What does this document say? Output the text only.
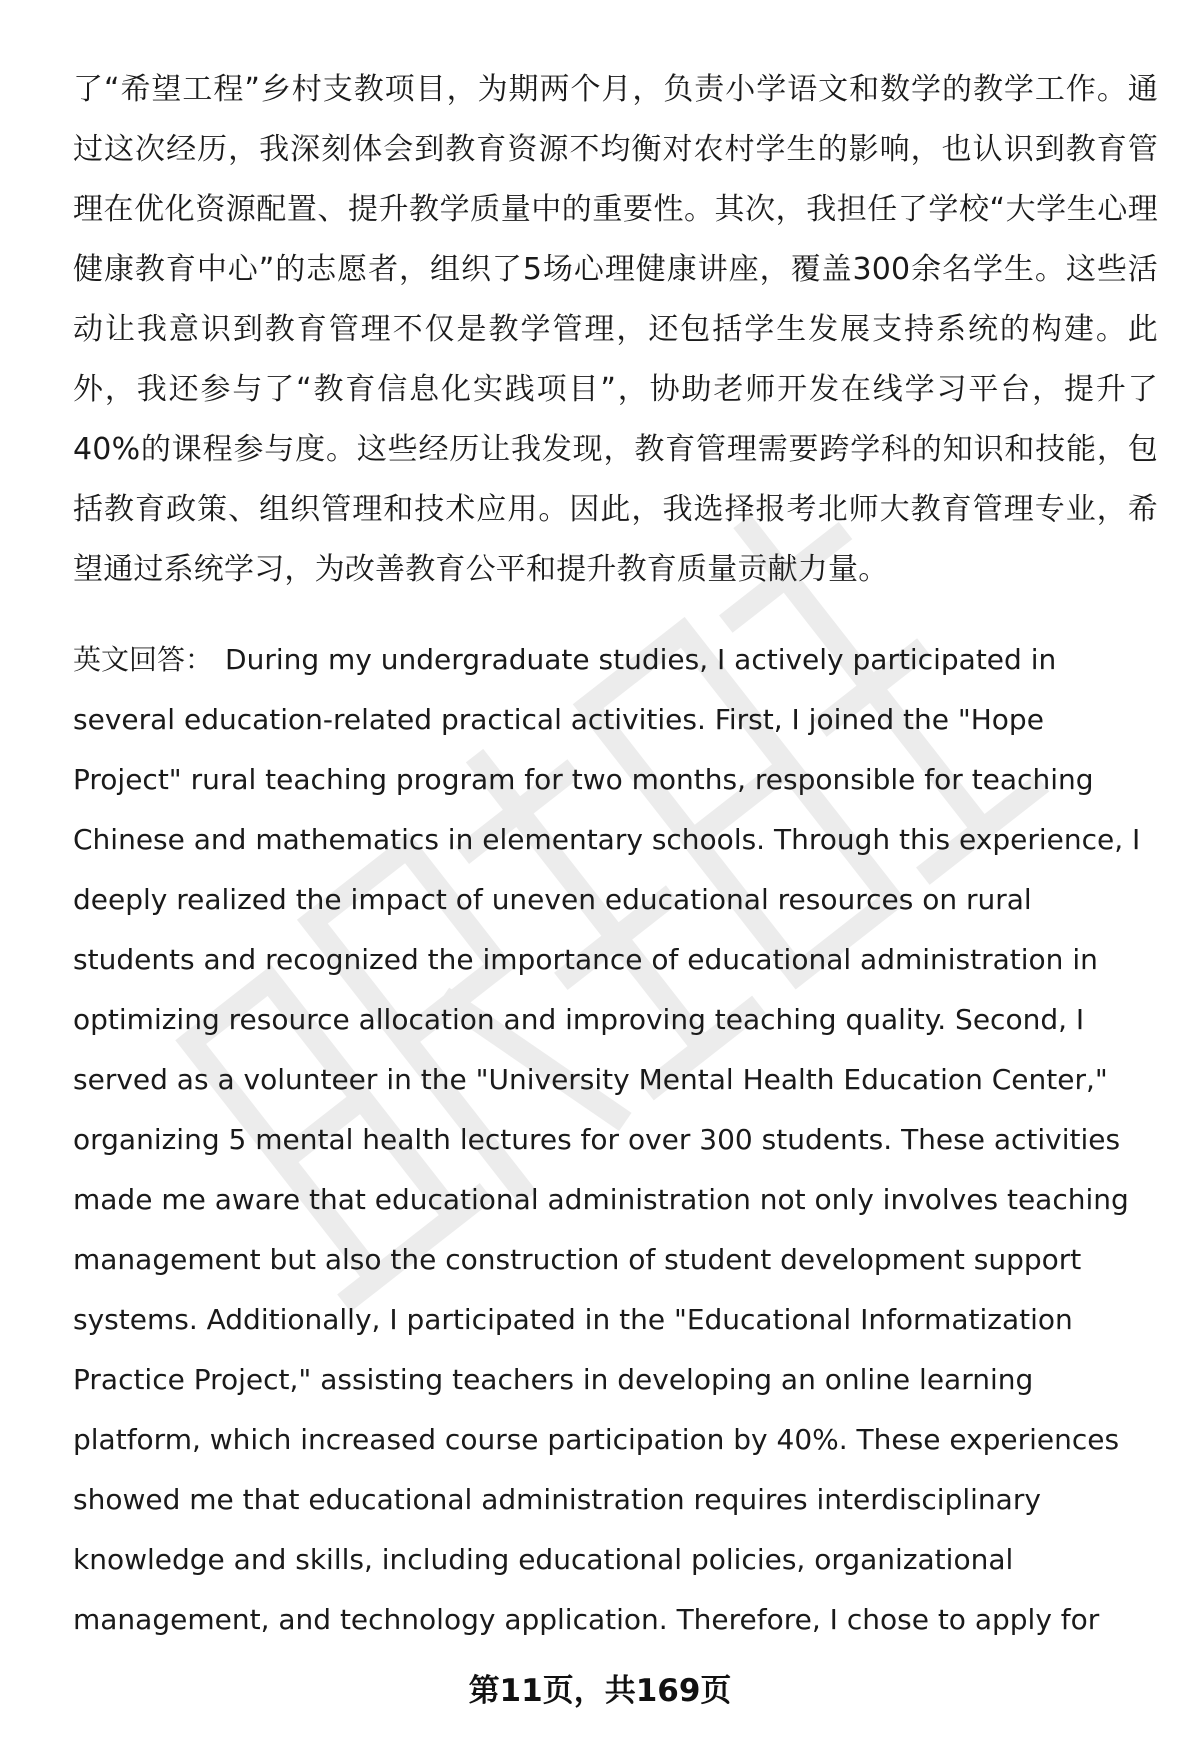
了“希望工程”乡村支教项目，为期两个月，负责小学语文和数学的教学工作。通过这次经历，我深刻体会到教育资源不均衡对农村学生的影响，也认识到教育管理在优化资源配置、提升教学质量中的重要性。其次，我担任了学校“大学生心理健康教育中心”的志愿者，组织了5场心理健康讲座，覆盖300余名学生。这些活动让我意识到教育管理不仅是教学管理，还包括学生发展支持系统的构建。此外，我还参与了“教育信息化实践项目”，协助老师开发在线学习平台，提升了40%的课程参与度。这些经历让我发现，教育管理需要跨学科的知识和技能，包括教育政策、组织管理和技术应用。因此，我选择报考北师大教育管理专业，希望通过系统学习，为改善教育公平和提升教育质量贡献力量。

英文回答： During my undergraduate studies, I actively participated in several education-related practical activities. First, I joined the "Hope Project" rural teaching program for two months, responsible for teaching Chinese and mathematics in elementary schools. Through this experience, I deeply realized the impact of uneven educational resources on rural students and recognized the importance of educational administration in optimizing resource allocation and improving teaching quality. Second, I served as a volunteer in the "University Mental Health Education Center," organizing 5 mental health lectures for over 300 students. These activities made me aware that educational administration not only involves teaching management but also the construction of student development support systems. Additionally, I participated in the "Educational Informatization Practice Project," assisting teachers in developing an online learning platform, which increased course participation by 40%. These experiences showed me that educational administration requires interdisciplinary knowledge and skills, including educational policies, organizational management, and technology application. Therefore, I chose to apply for

第11页，共169页
